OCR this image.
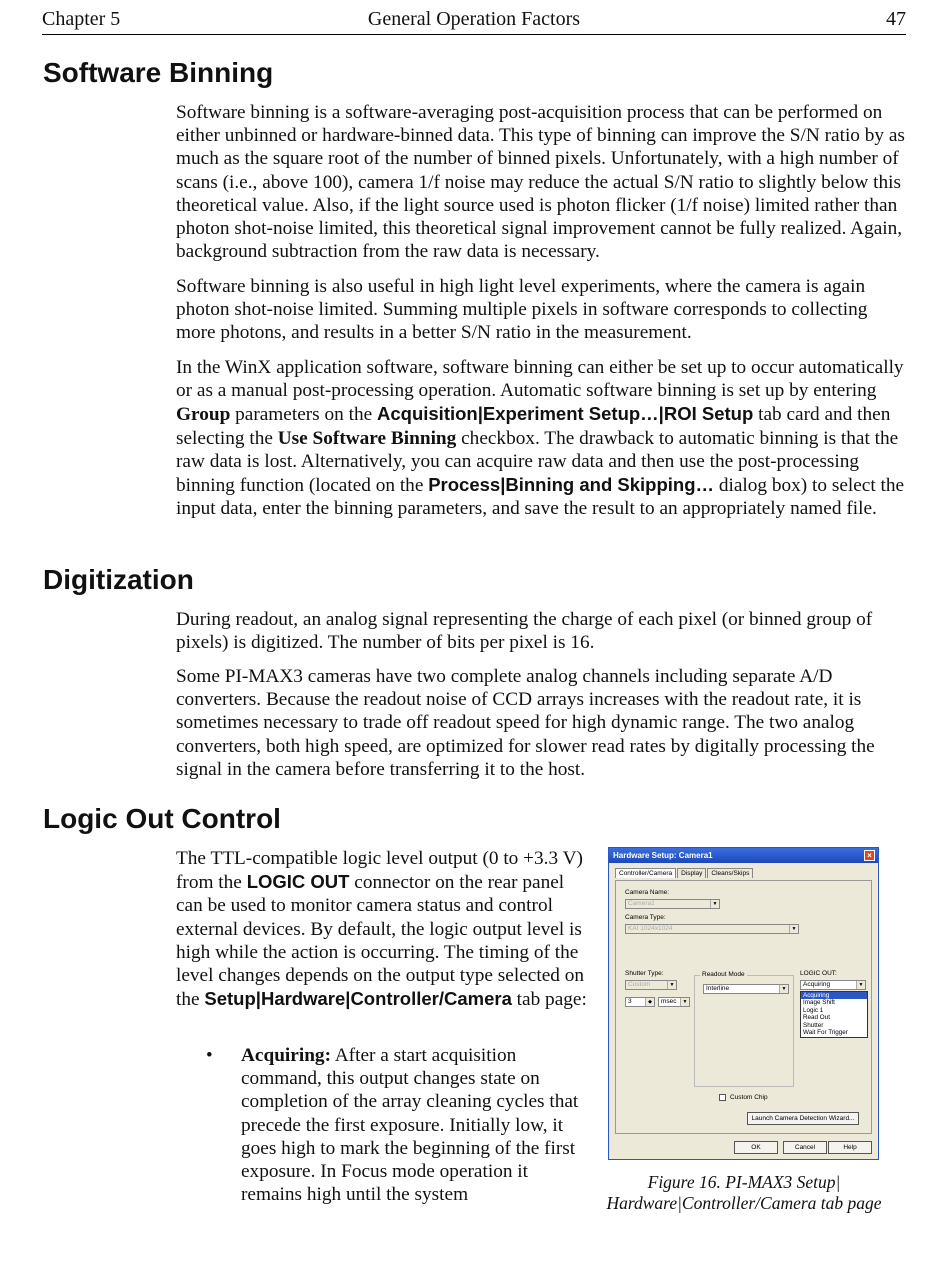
Chapter 5	General Operation Factors	47
Software Binning

Software binning is a software-averaging post-acquisition process that can be performed on either unbinned or hardware-binned data. This type of binning can improve the S/N ratio by as much as the square root of the number of binned pixels. Unfortunately, with a high number of scans (i.e., above 100), camera 1/f noise may reduce the actual S/N ratio to slightly below this theoretical value. Also, if the light source used is photon flicker (1/f noise) limited rather than photon shot-noise limited, this theoretical signal improvement cannot be fully realized. Again, background subtraction from the raw data is necessary.

Software binning is also useful in high light level experiments, where the camera is again photon shot-noise limited. Summing multiple pixels in software corresponds to collecting more photons, and results in a better S/N ratio in the measurement.

In the WinX application software, software binning can either be set up to occur automatically or as a manual post-processing operation. Automatic software binning is set up by entering Group parameters on the Acquisition|Experiment Setup…|ROI Setup tab card and then selecting the Use Software Binning checkbox. The drawback to automatic binning is that the raw data is lost. Alternatively, you can acquire raw data and then use the post-processing binning function (located on the Process|Binning and Skipping… dialog box) to select the input data, enter the binning parameters, and save the result to an appropriately named file.

Digitization

During readout, an analog signal representing the charge of each pixel (or binned group of pixels) is digitized. The number of bits per pixel is 16.

Some PI-MAX3 cameras have two complete analog channels including separate A/D converters. Because the readout noise of CCD arrays increases with the readout rate, it is sometimes necessary to trade off readout speed for high dynamic range. The two analog converters, both high speed, are optimized for slower read rates by digitally processing the signal in the camera before transferring it to the host.

Logic Out Control

The TTL-compatible logic level output (0 to +3.3 V) from the LOGIC OUT connector on the rear panel can be used to monitor camera status and control external devices. By default, the logic output level is high while the action is occurring. The timing of the level changes depends on the output type selected on the Setup|Hardware|Controller/Camera tab page:

• Acquiring: After a start acquisition command, this output changes state on completion of the array cleaning cycles that precede the first exposure. Initially low, it goes high to mark the beginning of the first exposure. In Focus mode operation it remains high until the system

Hardware Setup: Camera1	×
Controller/Camera Display Cleans/Skips
Camera Name:
Camera1	▼
Camera Type:
KAI 1024x1024	▼
Shutter Type:
Custom	▼
3	◆	msec	▼
Readout Mode
Interline	▼
LOGIC OUT:
Acquiring	▼
Acquiring
Image Shift
Logic 1
Read Out
Shutter
Wait For Trigger
Custom Chip
Launch Camera Detection Wizard...
OK	Cancel	Help
Figure 16. PI-MAX3 Setup|
Hardware|Controller/Camera tab page
